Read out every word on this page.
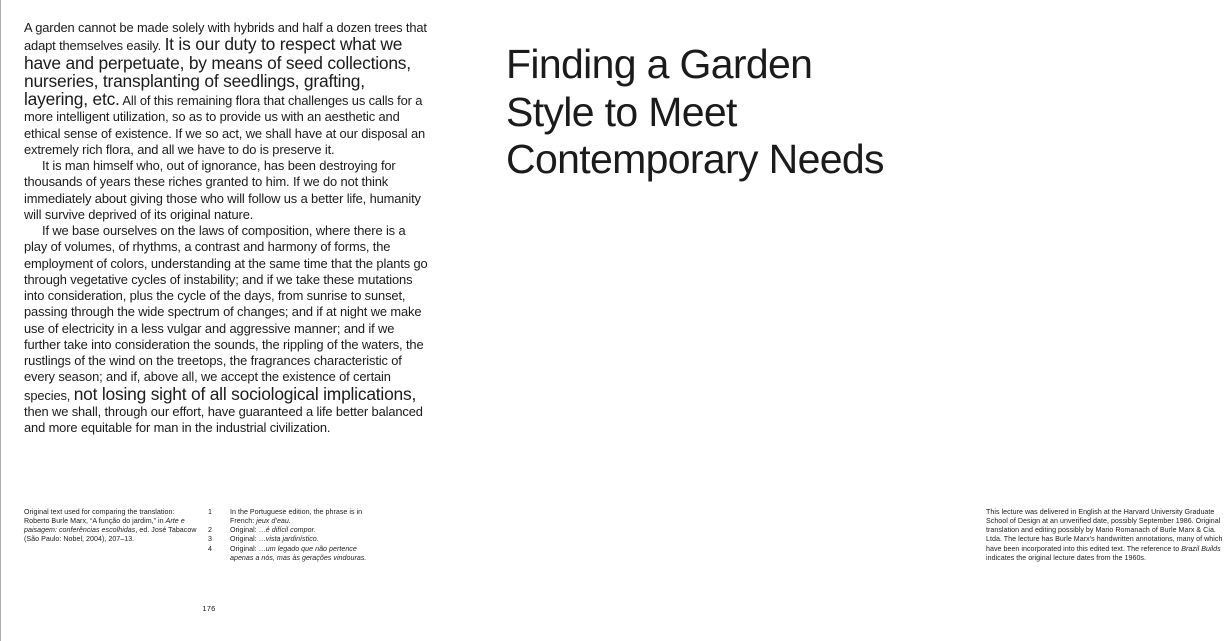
A garden cannot be made solely with hybrids and half a dozen trees that adapt themselves easily. It is our duty to respect what we have and perpetuate, by means of seed collections, nurseries, transplanting of seedlings, grafting, layering, etc. All of this remaining flora that challenges us calls for a more intelligent utilization, so as to provide us with an aesthetic and ethical sense of existence. If we so act, we shall have at our disposal an extremely rich flora, and all we have to do is preserve it.

It is man himself who, out of ignorance, has been destroying for thousands of years these riches granted to him. If we do not think immediately about giving those who will follow us a better life, humanity will survive deprived of its original nature.

If we base ourselves on the laws of composition, where there is a play of volumes, of rhythms, a contrast and harmony of forms, the employment of colors, understanding at the same time that the plants go through vegetative cycles of instability; and if we take these mutations into consideration, plus the cycle of the days, from sunrise to sunset, passing through the wide spectrum of changes; and if at night we make use of electricity in a less vulgar and aggressive manner; and if we further take into consideration the sounds, the rippling of the waters, the rustlings of the wind on the treetops, the fragrances characteristic of every season; and if, above all, we accept the existence of certain species, not losing sight of all sociological implications, then we shall, through our effort, have guaranteed a life better balanced and more equitable for man in the industrial civilization.

Original text used for comparing the translation: Roberto Burle Marx, “A função do jardim,” in Arte e paisagem: conferências escolhidas, ed. José Tabacow (São Paulo: Nobel, 2004), 207–13.

1	In the Portuguese edition, the phrase is in French: jeux d’eau.
2	Original: …é difícil compor.
3	Original: …vista jardinístico.
4	Original: …um legado que não pertence apenas a nós, mas às gerações vindouras.
176
Finding a Garden
Style to Meet
Contemporary Needs

This lecture was delivered in English at the Harvard University Graduate School of Design at an unverified date, possibly September 1986. Original translation and editing possibly by Mario Romanach of Burle Marx & Cia. Ltda. The lecture has Burle Marx’s handwritten annotations, many of which have been incorporated into this edited text. The reference to Brazil Builds indicates the original lecture dates from the 1960s.
